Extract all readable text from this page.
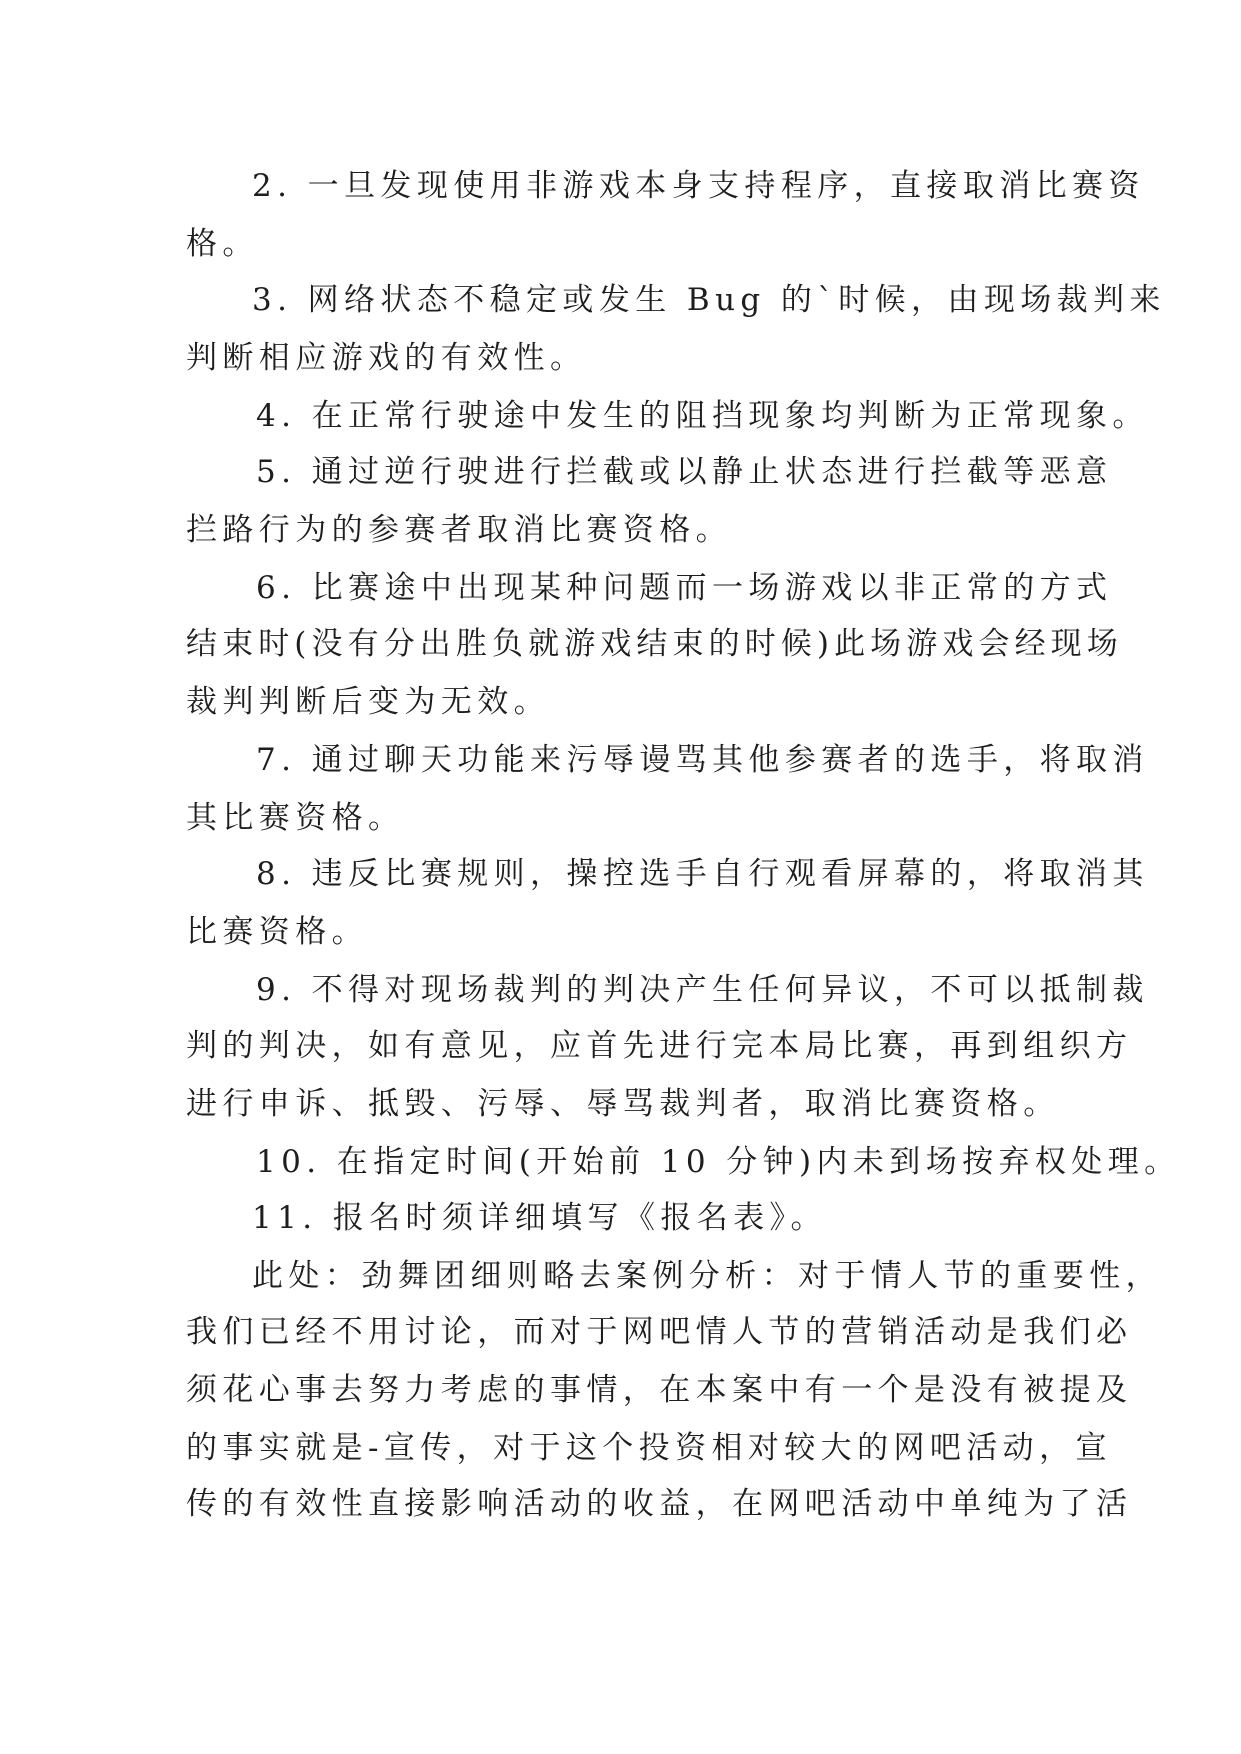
2. 一旦发现使用非游戏本身支持程序，直接取消比赛资
格。
3. 网络状态不稳定或发生 Bug 的`时候，由现场裁判来
判断相应游戏的有效性。
4. 在正常行驶途中发生的阻挡现象均判断为正常现象。
5. 通过逆行驶进行拦截或以静止状态进行拦截等恶意
拦路行为的参赛者取消比赛资格。
6. 比赛途中出现某种问题而一场游戏以非正常的方式
结束时(没有分出胜负就游戏结束的时候)此场游戏会经现场
裁判判断后变为无效。
7. 通过聊天功能来污辱谩骂其他参赛者的选手，将取消
其比赛资格。
8. 违反比赛规则，操控选手自行观看屏幕的，将取消其
比赛资格。
9. 不得对现场裁判的判决产生任何异议，不可以抵制裁
判的判决，如有意见，应首先进行完本局比赛，再到组织方
进行申诉、抵毁、污辱、辱骂裁判者，取消比赛资格。
10. 在指定时间(开始前 10 分钟)内未到场按弃权处理。
11. 报名时须详细填写《报名表》。
此处：劲舞团细则略去案例分析：对于情人节的重要性，
我们已经不用讨论，而对于网吧情人节的营销活动是我们必
须花心事去努力考虑的事情，在本案中有一个是没有被提及
的事实就是-宣传，对于这个投资相对较大的网吧活动，宣
传的有效性直接影响活动的收益，在网吧活动中单纯为了活
